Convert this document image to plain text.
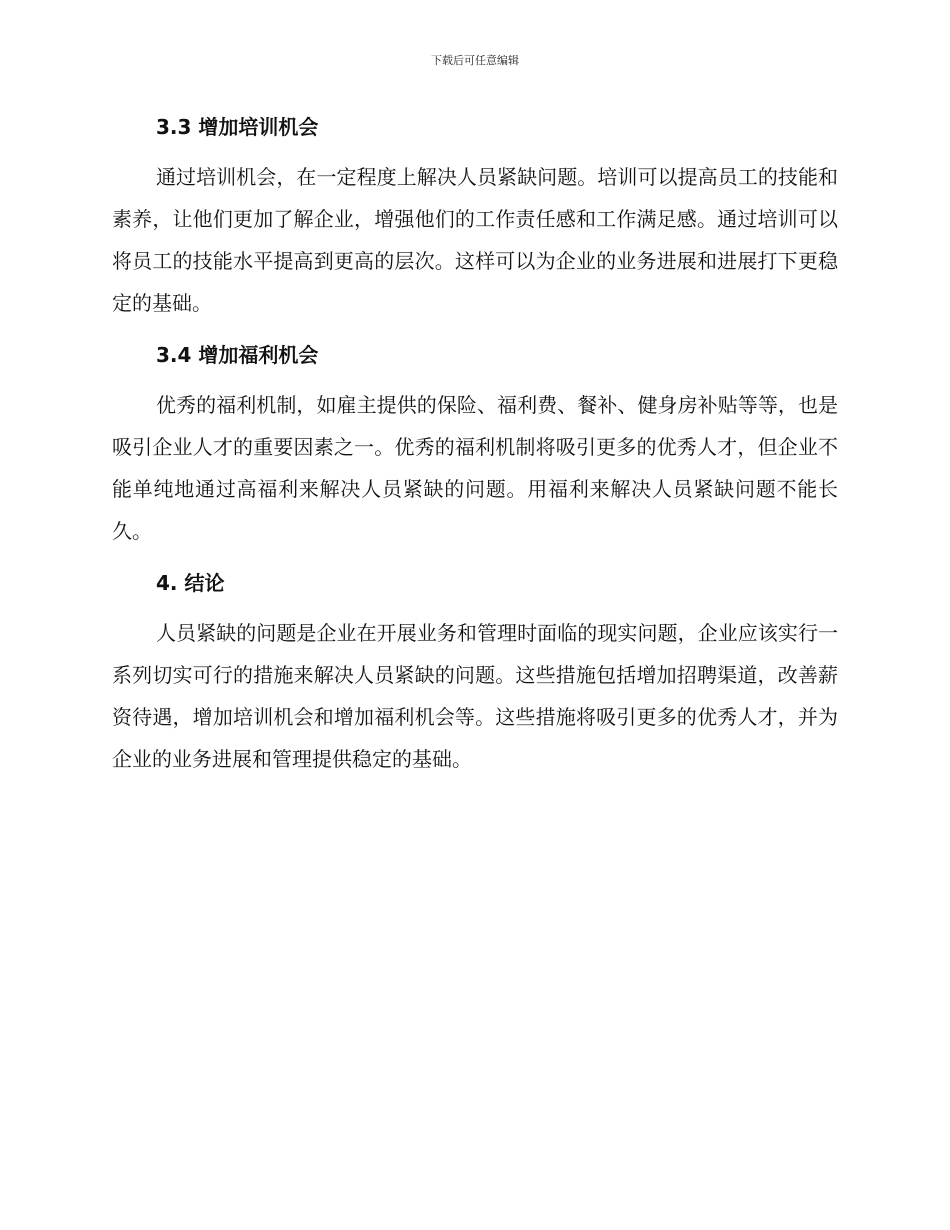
下载后可任意编辑
3.3 增加培训机会

通过培训机会，在一定程度上解决人员紧缺问题。培训可以提高员工的技能和素养，让他们更加了解企业，增强他们的工作责任感和工作满足感。通过培训可以将员工的技能水平提高到更高的层次。这样可以为企业的业务进展和进展打下更稳定的基础。

3.4 增加福利机会

优秀的福利机制，如雇主提供的保险、福利费、餐补、健身房补贴等等，也是吸引企业人才的重要因素之一。优秀的福利机制将吸引更多的优秀人才，但企业不能单纯地通过高福利来解决人员紧缺的问题。用福利来解决人员紧缺问题不能长久。

4. 结论

人员紧缺的问题是企业在开展业务和管理时面临的现实问题，企业应该实行一系列切实可行的措施来解决人员紧缺的问题。这些措施包括增加招聘渠道，改善薪资待遇，增加培训机会和增加福利机会等。这些措施将吸引更多的优秀人才，并为企业的业务进展和管理提供稳定的基础。
